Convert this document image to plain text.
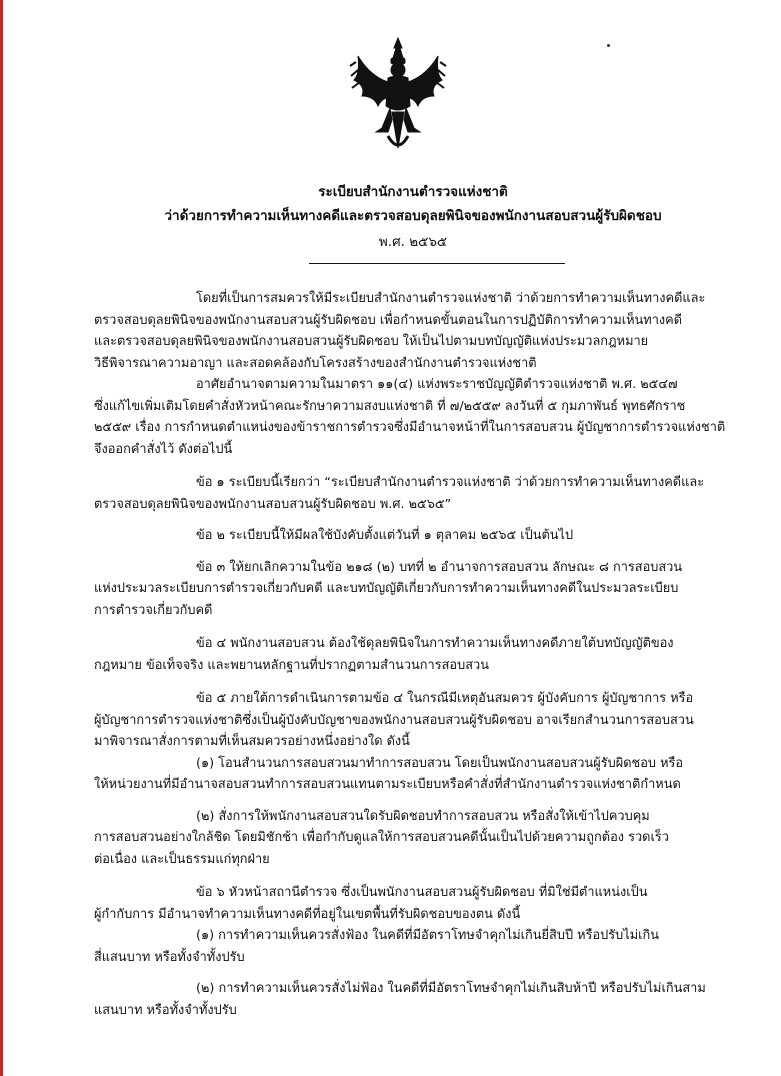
ระเบียบสำนักงานตำรวจแห่งชาติ
ว่าด้วยการทำความเห็นทางคดีและตรวจสอบดุลยพินิจของพนักงานสอบสวนผู้รับผิดชอบ
พ.ศ. ๒๕๖๕
โดยที่เป็นการสมควรให้มีระเบียบสำนักงานตำรวจแห่งชาติ ว่าด้วยการทำความเห็นทางคดีและ
ตรวจสอบดุลยพินิจของพนักงานสอบสวนผู้รับผิดชอบ เพื่อกำหนดขั้นตอนในการปฏิบัติการทำความเห็นทางคดี
และตรวจสอบดุลยพินิจของพนักงานสอบสวนผู้รับผิดชอบ ให้เป็นไปตามบทบัญญัติแห่งประมวลกฎหมาย
วิธีพิจารณาความอาญา และสอดคล้องกับโครงสร้างของสำนักงานตำรวจแห่งชาติ
อาศัยอำนาจตามความในมาตรา ๑๑(๔) แห่งพระราชบัญญัติตำรวจแห่งชาติ พ.ศ. ๒๕๔๗
ซึ่งแก้ไขเพิ่มเติมโดยคำสั่งหัวหน้าคณะรักษาความสงบแห่งชาติ ที่ ๗/๒๕๕๙ ลงวันที่ ๕ กุมภาพันธ์ พุทธศักราช
๒๕๕๙ เรื่อง การกำหนดตำแหน่งของข้าราชการตำรวจซึ่งมีอำนาจหน้าที่ในการสอบสวน ผู้บัญชาการตำรวจแห่งชาติ
จึงออกคำสั่งไว้ ดังต่อไปนี้
ข้อ ๑ ระเบียบนี้เรียกว่า “ระเบียบสำนักงานตำรวจแห่งชาติ ว่าด้วยการทำความเห็นทางคดีและ
ตรวจสอบดุลยพินิจของพนักงานสอบสวนผู้รับผิดชอบ พ.ศ. ๒๕๖๕”
ข้อ ๒ ระเบียบนี้ให้มีผลใช้บังคับตั้งแต่วันที่ ๑ ตุลาคม ๒๕๖๕ เป็นต้นไป
ข้อ ๓ ให้ยกเลิกความในข้อ ๒๑๘ (๒) บทที่ ๒ อำนาจการสอบสวน ลักษณะ ๘ การสอบสวน
แห่งประมวลระเบียบการตำรวจเกี่ยวกับคดี และบทบัญญัติเกี่ยวกับการทำความเห็นทางคดีในประมวลระเบียบ
การตำรวจเกี่ยวกับคดี
ข้อ ๔ พนักงานสอบสวน ต้องใช้ดุลยพินิจในการทำความเห็นทางคดีภายใต้บทบัญญัติของ
กฎหมาย ข้อเท็จจริง และพยานหลักฐานที่ปรากฏตามสำนวนการสอบสวน
ข้อ ๕ ภายใต้การดำเนินการตามข้อ ๔ ในกรณีมีเหตุอันสมควร ผู้บังคับการ ผู้บัญชาการ หรือ
ผู้บัญชาการตำรวจแห่งชาติซึ่งเป็นผู้บังคับบัญชาของพนักงานสอบสวนผู้รับผิดชอบ อาจเรียกสำนวนการสอบสวน
มาพิจารณาสั่งการตามที่เห็นสมควรอย่างหนึ่งอย่างใด ดังนี้
(๑) โอนสำนวนการสอบสวนมาทำการสอบสวน โดยเป็นพนักงานสอบสวนผู้รับผิดชอบ หรือ
ให้หน่วยงานที่มีอำนาจสอบสวนทำการสอบสวนแทนตามระเบียบหรือคำสั่งที่สำนักงานตำรวจแห่งชาติกำหนด
(๒) สั่งการให้พนักงานสอบสวนใดรับผิดชอบทำการสอบสวน หรือสั่งให้เข้าไปควบคุม
การสอบสวนอย่างใกล้ชิด โดยมิชักช้า เพื่อกำกับดูแลให้การสอบสวนคดีนั้นเป็นไปด้วยความถูกต้อง รวดเร็ว
ต่อเนื่อง และเป็นธรรมแก่ทุกฝ่าย
ข้อ ๖ หัวหน้าสถานีตำรวจ ซึ่งเป็นพนักงานสอบสวนผู้รับผิดชอบ ที่มิใช่มีตำแหน่งเป็น
ผู้กำกับการ มีอำนาจทำความเห็นทางคดีที่อยู่ในเขตพื้นที่รับผิดชอบของตน ดังนี้
(๑) การทำความเห็นควรสั่งฟ้อง ในคดีที่มีอัตราโทษจำคุกไม่เกินยี่สิบปี หรือปรับไม่เกิน
สี่แสนบาท หรือทั้งจำทั้งปรับ
(๒) การทำความเห็นควรสั่งไม่ฟ้อง ในคดีที่มีอัตราโทษจำคุกไม่เกินสิบห้าปี หรือปรับไม่เกินสาม
แสนบาท หรือทั้งจำทั้งปรับ
